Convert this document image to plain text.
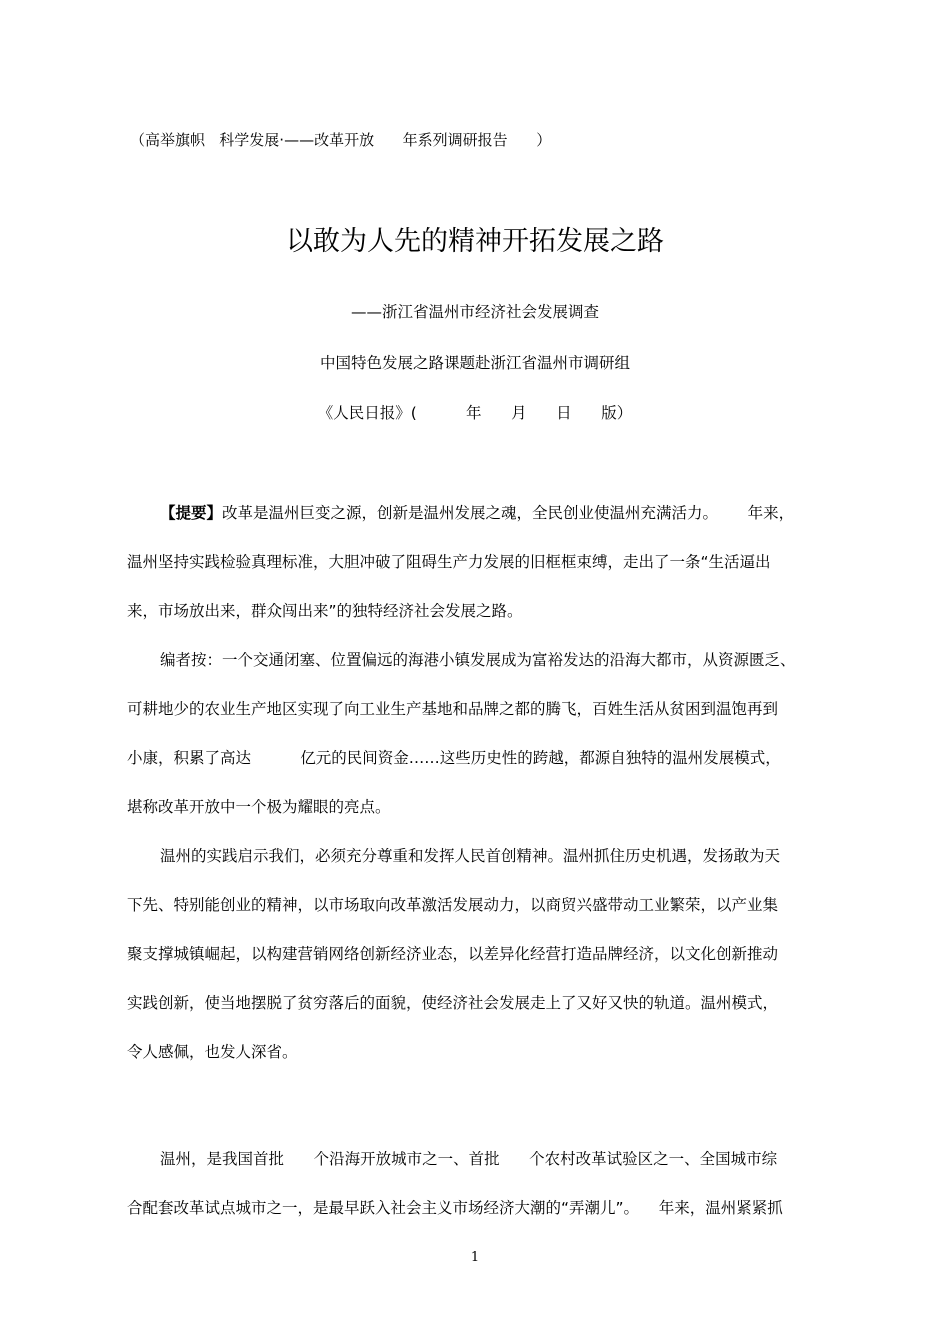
（高举旗帜   科学发展·——改革开放      年系列调研报告      ）
以敢为人先的精神开拓发展之路
——浙江省温州市经济社会发展调查
中国特色发展之路课题赴浙江省温州市调研组
《人民日报》(          年      月      日      版）
【提要】改革是温州巨变之源，创新是温州发展之魂，全民创业使温州充满活力。      年来，
温州坚持实践检验真理标准，大胆冲破了阻碍生产力发展的旧框框束缚，走出了一条“生活逼出
来，市场放出来，群众闯出来”的独特经济社会发展之路。
编者按：一个交通闭塞、位置偏远的海港小镇发展成为富裕发达的沿海大都市，从资源匮乏、
可耕地少的农业生产地区实现了向工业生产基地和品牌之都的腾飞，百姓生活从贫困到温饱再到
小康，积累了高达          亿元的民间资金……这些历史性的跨越，都源自独特的温州发展模式，
堪称改革开放中一个极为耀眼的亮点。
温州的实践启示我们，必须充分尊重和发挥人民首创精神。温州抓住历史机遇，发扬敢为天
下先、特别能创业的精神，以市场取向改革激活发展动力，以商贸兴盛带动工业繁荣，以产业集
聚支撑城镇崛起，以构建营销网络创新经济业态，以差异化经营打造品牌经济，以文化创新推动
实践创新，使当地摆脱了贫穷落后的面貌，使经济社会发展走上了又好又快的轨道。温州模式，
令人感佩，也发人深省。
温州，是我国首批      个沿海开放城市之一、首批      个农村改革试验区之一、全国城市综
合配套改革试点城市之一，是最早跃入社会主义市场经济大潮的“弄潮儿”。    年来，温州紧紧抓
1
